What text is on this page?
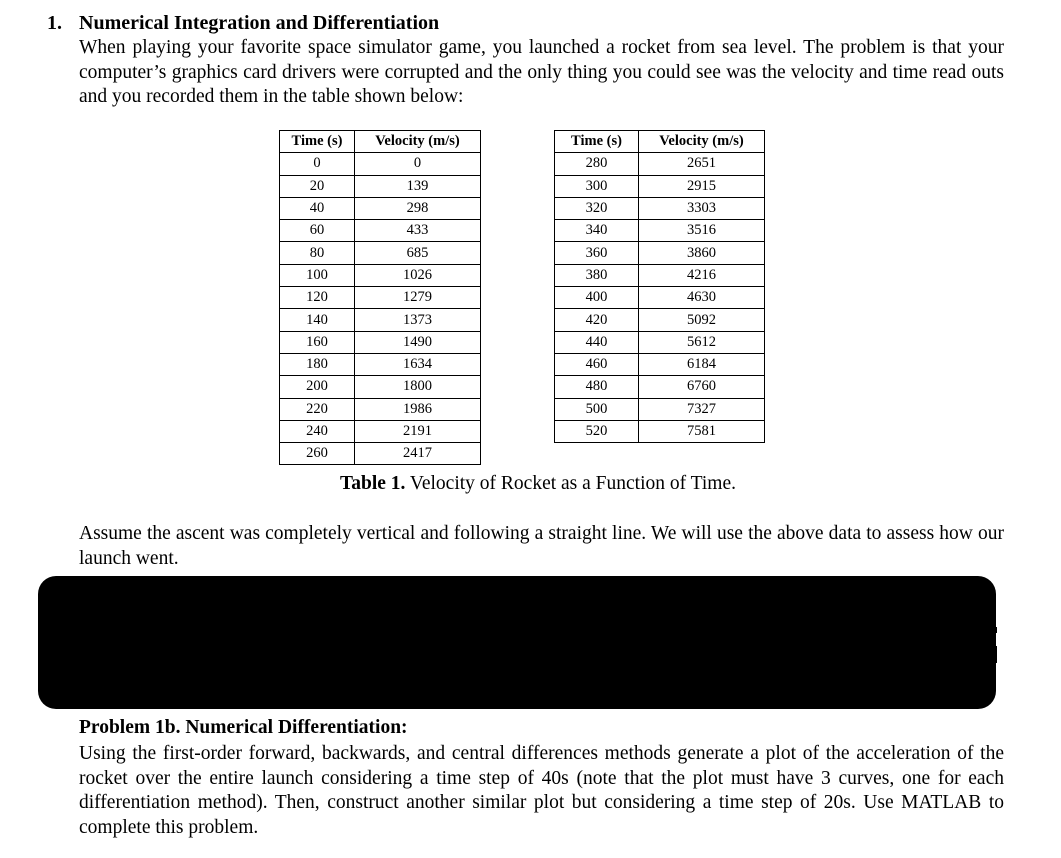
1. Numerical Integration and Differentiation
When playing your favorite space simulator game, you launched a rocket from sea level. The problem is that your computer’s graphics card drivers were corrupted and the only thing you could see was the velocity and time read outs and you recorded them in the table shown below:
Time (s)	Velocity (m/s)
0	0
20	139
40	298
60	433
80	685
100	1026
120	1279
140	1373
160	1490
180	1634
200	1800
220	1986
240	2191
260	2417
Time (s)	Velocity (m/s)
280	2651
300	2915
320	3303
340	3516
360	3860
380	4216
400	4630
420	5092
440	5612
460	6184
480	6760
500	7327
520	7581
Table 1. Velocity of Rocket as a Function of Time.
Assume the ascent was completely vertical and following a straight line. We will use the above data to assess how our launch went.
Problem 1b. Numerical Differentiation:
Using the first-order forward, backwards, and central differences methods generate a plot of the acceleration of the rocket over the entire launch considering a time step of 40s (note that the plot must have 3 curves, one for each differentiation method). Then, construct another similar plot but considering a time step of 20s. Use MATLAB to complete this problem.
